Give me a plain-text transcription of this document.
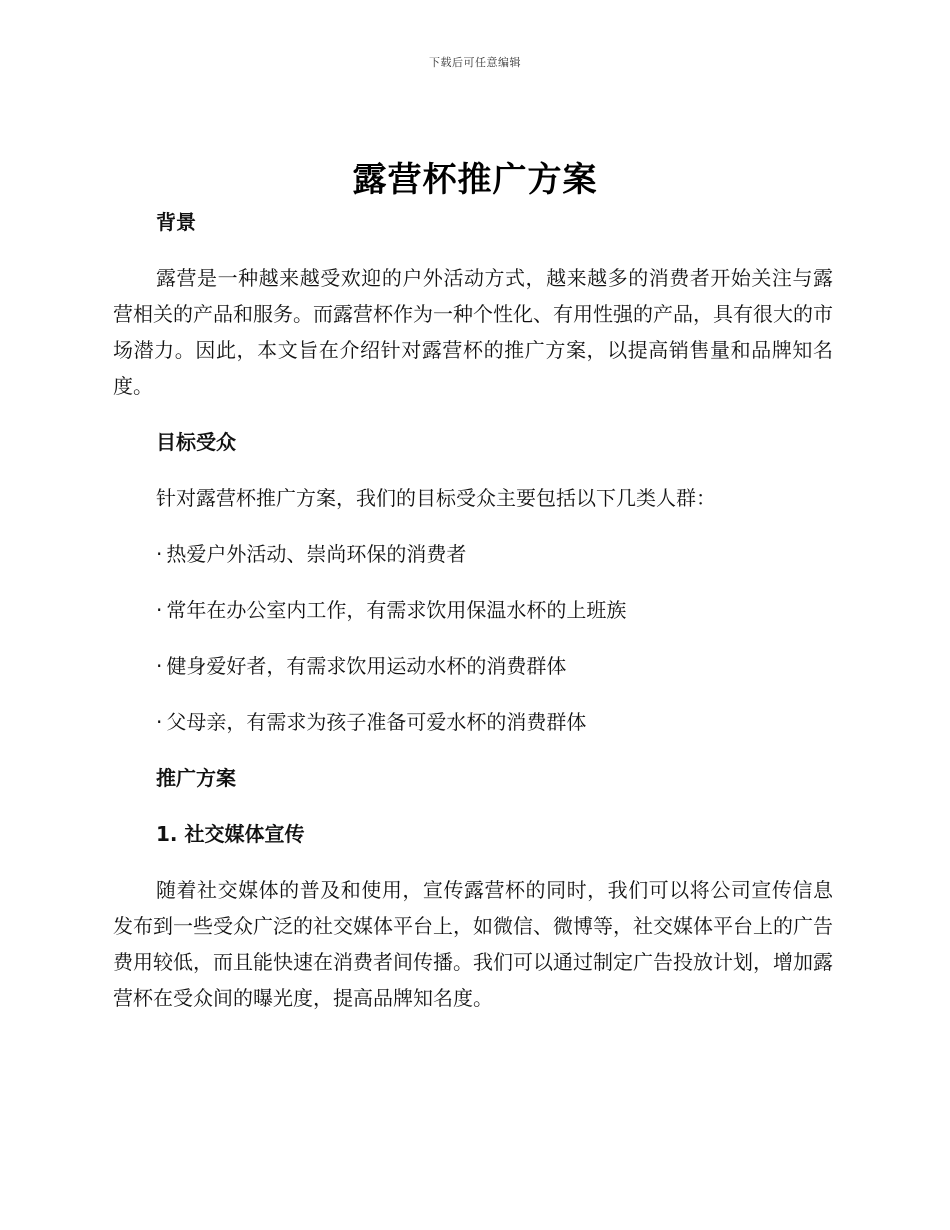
下载后可任意编辑
露营杯推广方案
背景

露营是一种越来越受欢迎的户外活动方式，越来越多的消费者开始关注与露营相关的产品和服务。而露营杯作为一种个性化、有用性强的产品，具有很大的市场潜力。因此，本文旨在介绍针对露营杯的推广方案，以提高销售量和品牌知名度。

目标受众
针对露营杯推广方案，我们的目标受众主要包括以下几类人群：
· 热爱户外活动、崇尚环保的消费者
· 常年在办公室内工作，有需求饮用保温水杯的上班族
· 健身爱好者，有需求饮用运动水杯的消费群体
· 父母亲，有需求为孩子准备可爱水杯的消费群体
推广方案
1. 社交媒体宣传

随着社交媒体的普及和使用，宣传露营杯的同时，我们可以将公司宣传信息发布到一些受众广泛的社交媒体平台上，如微信、微博等，社交媒体平台上的广告费用较低，而且能快速在消费者间传播。我们可以通过制定广告投放计划，增加露营杯在受众间的曝光度，提高品牌知名度。
